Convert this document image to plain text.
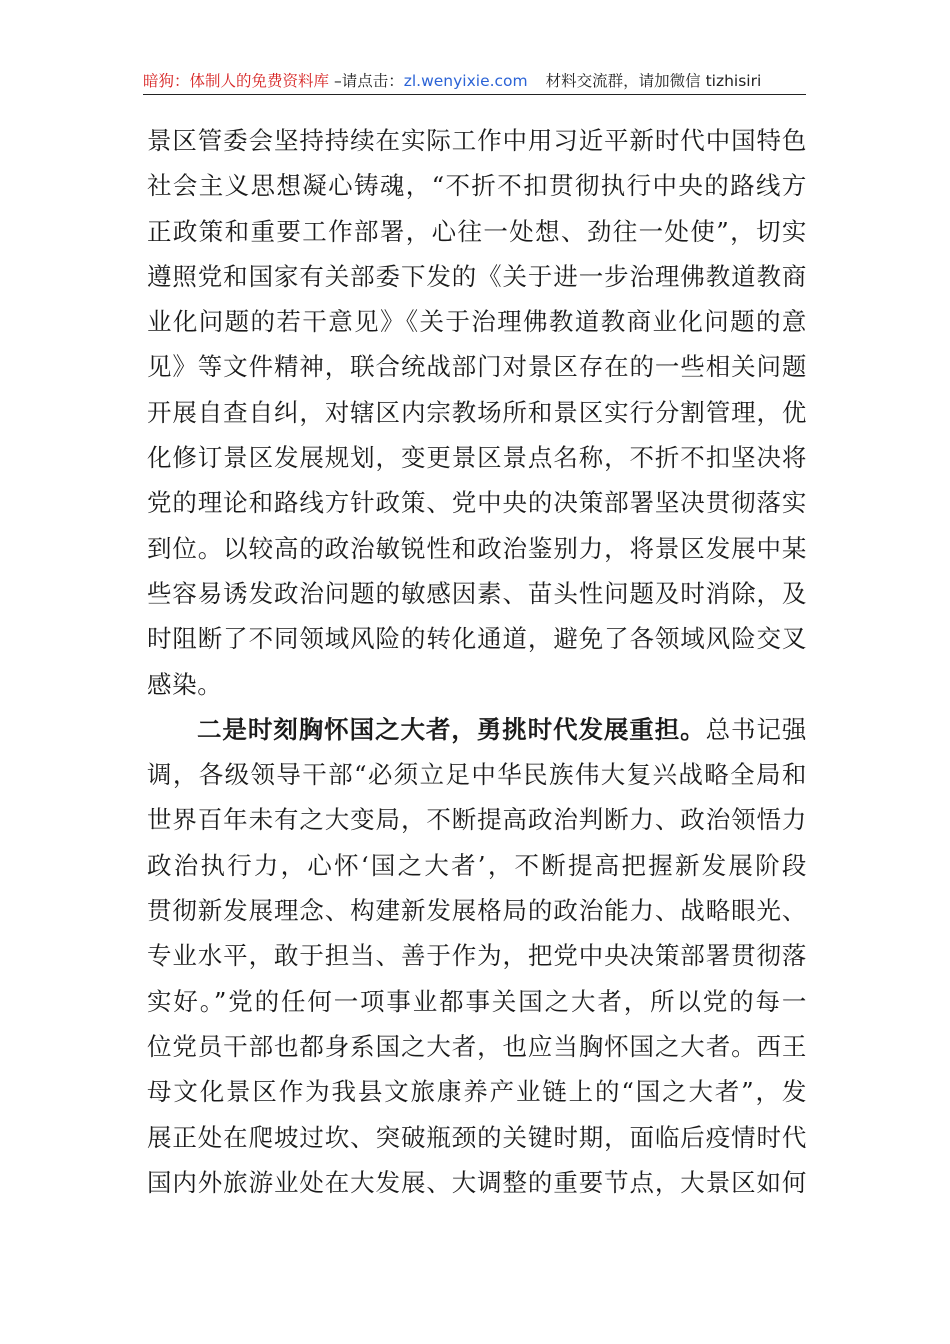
暗狗：体制人的免费资料库 –请点击：zl.wenyixie.com 材料交流群，请加微信 tizhisiri
景区管委会坚持持续在实际工作中用习近平新时代中国特色
社会主义思想凝心铸魂，“不折不扣贯彻执行中央的路线方
正政策和重要工作部署，心往一处想、劲往一处使”，切实
遵照党和国家有关部委下发的《关于进一步治理佛教道教商
业化问题的若干意见》《关于治理佛教道教商业化问题的意
见》等文件精神，联合统战部门对景区存在的一些相关问题
开展自查自纠，对辖区内宗教场所和景区实行分割管理，优
化修订景区发展规划，变更景区景点名称，不折不扣坚决将
党的理论和路线方针政策、党中央的决策部署坚决贯彻落实
到位。以较高的政治敏锐性和政治鉴别力，将景区发展中某
些容易诱发政治问题的敏感因素、苗头性问题及时消除，及
时阻断了不同领域风险的转化通道，避免了各领域风险交叉
感染。
二是时刻胸怀国之大者，勇挑时代发展重担。总书记强
调，各级领导干部“必须立足中华民族伟大复兴战略全局和
世界百年未有之大变局，不断提高政治判断力、政治领悟力
政治执行力，心怀‘国之大者’，不断提高把握新发展阶段
贯彻新发展理念、构建新发展格局的政治能力、战略眼光、
专业水平，敢于担当、善于作为，把党中央决策部署贯彻落
实好。”党的任何一项事业都事关国之大者，所以党的每一
位党员干部也都身系国之大者，也应当胸怀国之大者。西王
母文化景区作为我县文旅康养产业链上的“国之大者”，发
展正处在爬坡过坎、突破瓶颈的关键时期，面临后疫情时代
国内外旅游业处在大发展、大调整的重要节点，大景区如何
